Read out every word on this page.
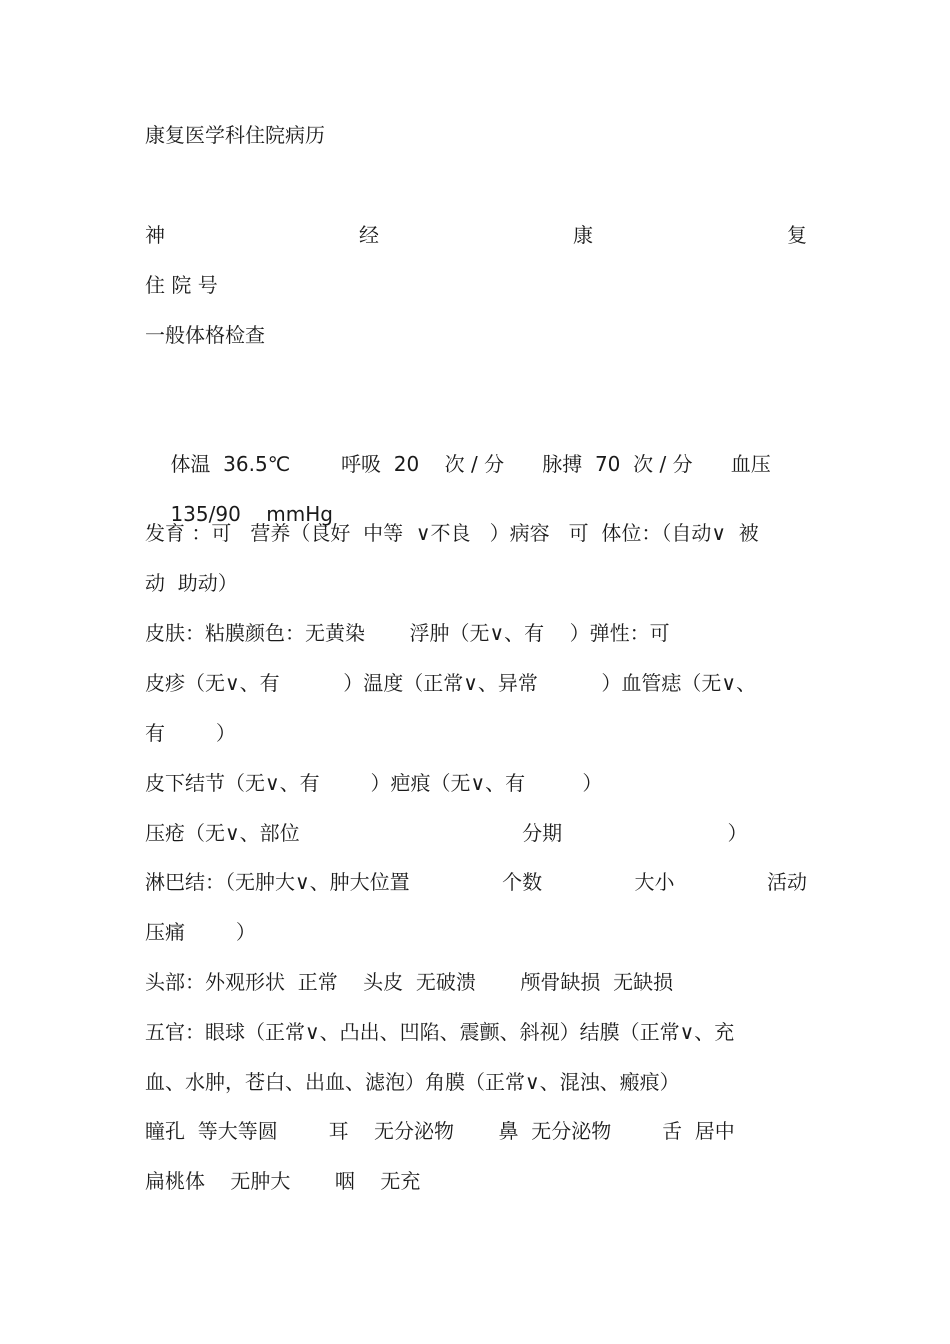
康复医学科住院病历
神	经	康	复
住 院 号
一般体格检查

体温 36.5℃	呼吸 20 次 / 分 脉搏 70 次 / 分 血压

135/90 mmHg

发育 ：可   营养（良好  中等  ∨不良   ）病容   可  体位：（自动∨  被
动  助动）
皮肤：粘膜颜色：无黄染       浮肿（无∨、有    ）弹性：可
皮疹（无∨、有          ）温度（正常∨、异常          ）血管痣（无∨、
有        ）
皮下结节（无∨、有        ）疤痕（无∨、有         ）
压疮（无∨、部位                                   分期                          ）
淋巴结：（无肿大∨、肿大位置	个数	大小	活动
压痛        ）
头部：外观形状  正常    头皮  无破溃       颅骨缺损  无缺损
五官：眼球（正常∨、凸出、凹陷、震颤、斜视）结膜（正常∨、充
血、水肿，苍白、出血、滤泡）角膜（正常∨、混浊、瘢痕）
瞳孔  等大等圆        耳    无分泌物       鼻  无分泌物        舌  居中
扁桃体    无肿大       咽    无充
